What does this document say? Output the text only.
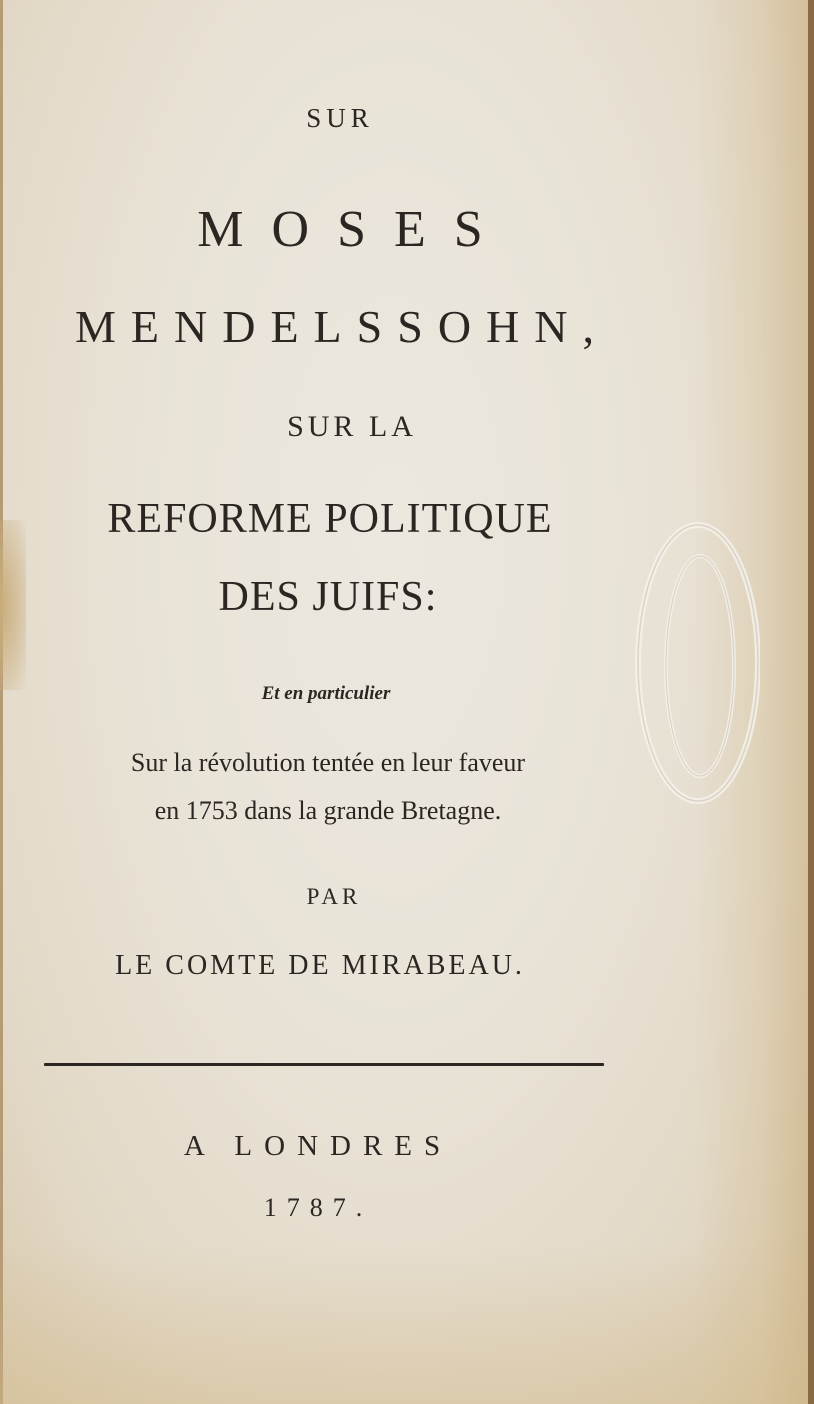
SUR
MOSES
MENDELSSOHN,
SUR LA
REFORME POLITIQUE
DES JUIFS:
Et en particulier
Sur la révolution tentée en leur faveur
en 1753 dans la grande Bretagne.
PAR
LE COMTE DE MIRABEAU.
A LONDRES
1787.
